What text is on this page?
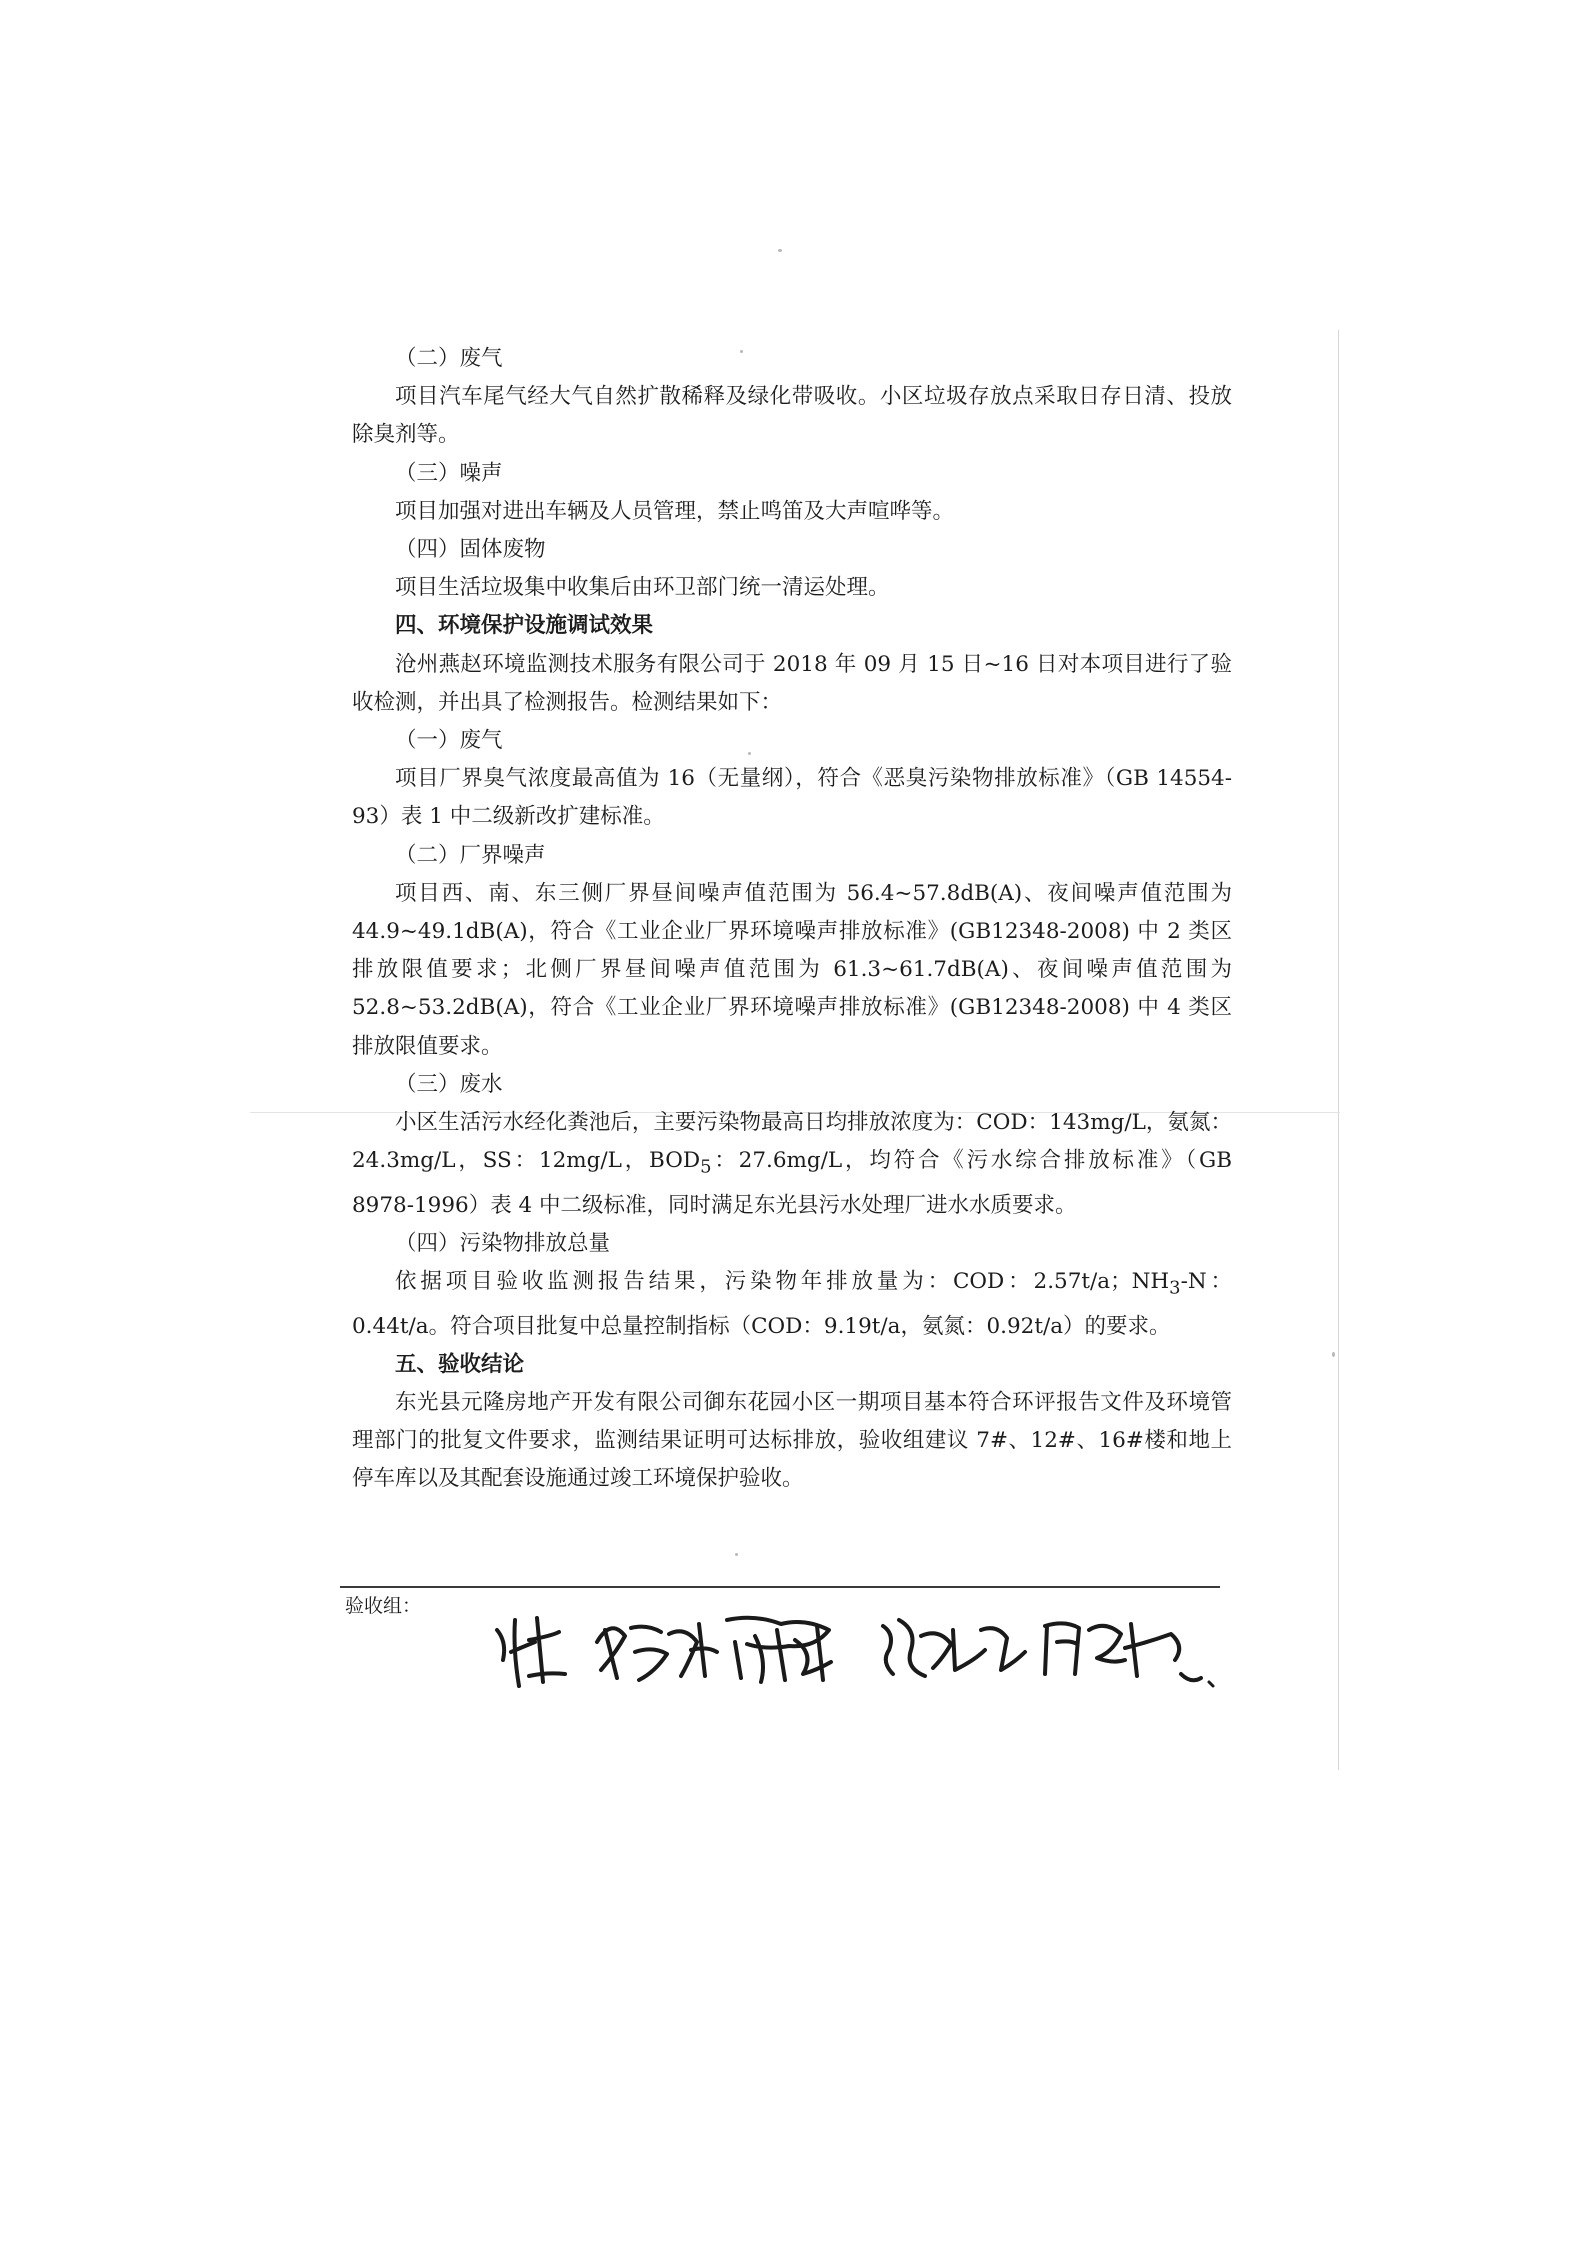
（二）废气

项目汽车尾气经大气自然扩散稀释及绿化带吸收。小区垃圾存放点采取日存日清、投放除臭剂等。

（三）噪声

项目加强对进出车辆及人员管理，禁止鸣笛及大声喧哗等。

（四）固体废物

项目生活垃圾集中收集后由环卫部门统一清运处理。

四、环境保护设施调试效果

沧州燕赵环境监测技术服务有限公司于 2018 年 09 月 15 日~16 日对本项目进行了验收检测，并出具了检测报告。检测结果如下：

（一）废气

项目厂界臭气浓度最高值为 16（无量纲），符合《恶臭污染物排放标准》（GB 14554-93）表 1 中二级新改扩建标准。

（二）厂界噪声

项目西、南、东三侧厂界昼间噪声值范围为 56.4~57.8dB(A)、夜间噪声值范围为 44.9~49.1dB(A)，符合《工业企业厂界环境噪声排放标准》(GB12348-2008) 中 2 类区排放限值要求；北侧厂界昼间噪声值范围为 61.3~61.7dB(A)、夜间噪声值范围为 52.8~53.2dB(A)，符合《工业企业厂界环境噪声排放标准》(GB12348-2008) 中 4 类区排放限值要求。

（三）废水

小区生活污水经化粪池后，主要污染物最高日均排放浓度为：COD：143mg/L，氨氮：24.3mg/L，SS：12mg/L，$BOD_5$：27.6mg/L，均符合《污水综合排放标准》（GB 8978-1996）表 4 中二级标准，同时满足东光县污水处理厂进水水质要求。

（四）污染物排放总量

依据项目验收监测报告结果，污染物年排放量为：COD：2.57t/a；$NH_3-N$：0.44t/a。符合项目批复中总量控制指标（COD：9.19t/a，氨氮：0.92t/a）的要求。

五、验收结论

东光县元隆房地产开发有限公司御东花园小区一期项目基本符合环评报告文件及环境管理部门的批复文件要求，监测结果证明可达标排放，验收组建议 7#、12#、16#楼和地上停车库以及其配套设施通过竣工环境保护验收。

验收组：
